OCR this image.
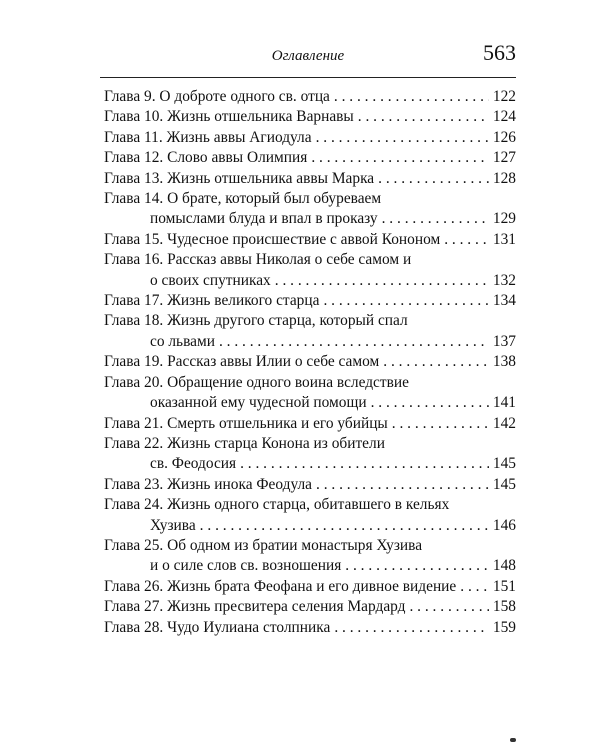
Оглавление	563
Глава 9. О доброте одного св. отца . . .	122
Глава 10. Жизнь отшельника Варнавы . . .	124
Глава 11. Жизнь аввы Агиодула . . .	126
Глава 12. Слово аввы Олимпия . . .	127
Глава 13. Жизнь отшельника аввы Марка . . .	128
Глава 14. О брате, который был обуреваем
помыслами блуда и впал в проказу . . .	129
Глава 15. Чудесное происшествие с аввой Кононом . . .	131
Глава 16. Рассказ аввы Николая о себе самом и
о своих спутниках . . .	132
Глава 17. Жизнь великого старца . . .	134
Глава 18. Жизнь другого старца, который спал
со львами . . .	137
Глава 19. Рассказ аввы Илии о себе самом . . .	138
Глава 20. Обращение одного воина вследствие
оказанной ему чудесной помощи . . .	141
Глава 21. Смерть отшельника и его убийцы . . .	142
Глава 22. Жизнь старца Конона из обители
св. Феодосия . . .	145
Глава 23. Жизнь инока Феодула . . .	145
Глава 24. Жизнь одного старца, обитавшего в кельях
Хузива . . .	146
Глава 25. Об одном из братии монастыря Хузива
и о силе слов св. возношения . . .	148
Глава 26. Жизнь брата Феофана и его дивное видение . . . 151
Глава 27. Жизнь пресвитера селения Мардард . . .	158
Глава 28. Чудо Иулиана столпника . . .	159
